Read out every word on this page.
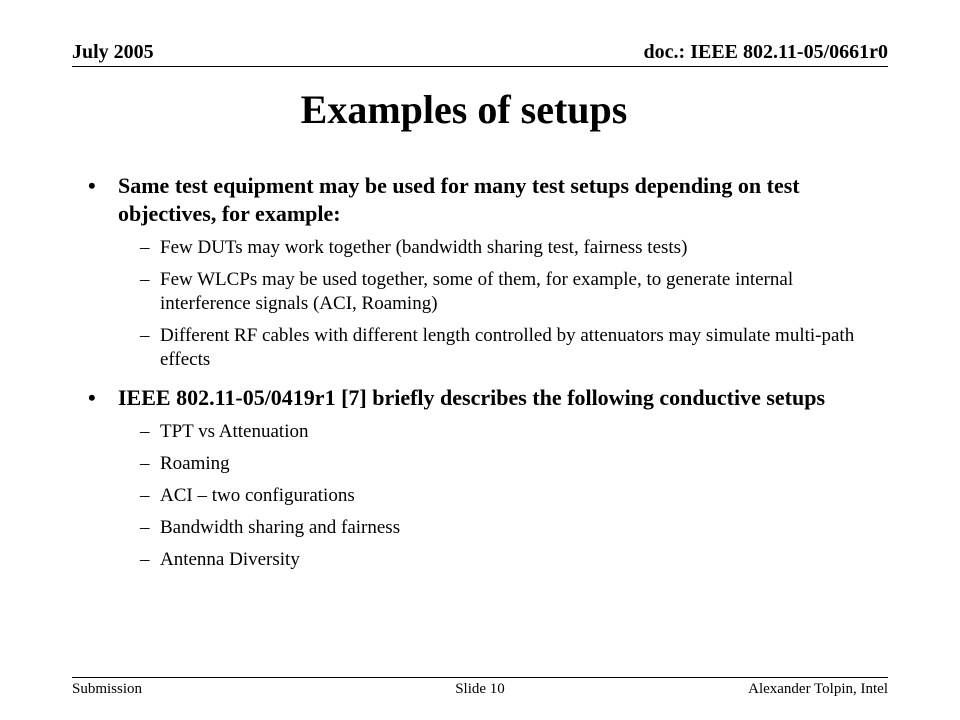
July 2005	doc.: IEEE 802.11-05/0661r0
Examples of setups
• Same test equipment may be used for many test setups depending on test objectives, for example:
– Few DUTs may work together (bandwidth sharing test, fairness tests)
– Few WLCPs may be used together, some of them, for example, to generate internal interference signals (ACI, Roaming)
– Different RF cables with different length controlled by attenuators may simulate multi-path effects
• IEEE 802.11-05/0419r1 [7] briefly describes the following conductive setups
– TPT vs Attenuation
– Roaming
– ACI – two configurations
– Bandwidth sharing and fairness
– Antenna Diversity
Submission	Slide 10	Alexander Tolpin, Intel
